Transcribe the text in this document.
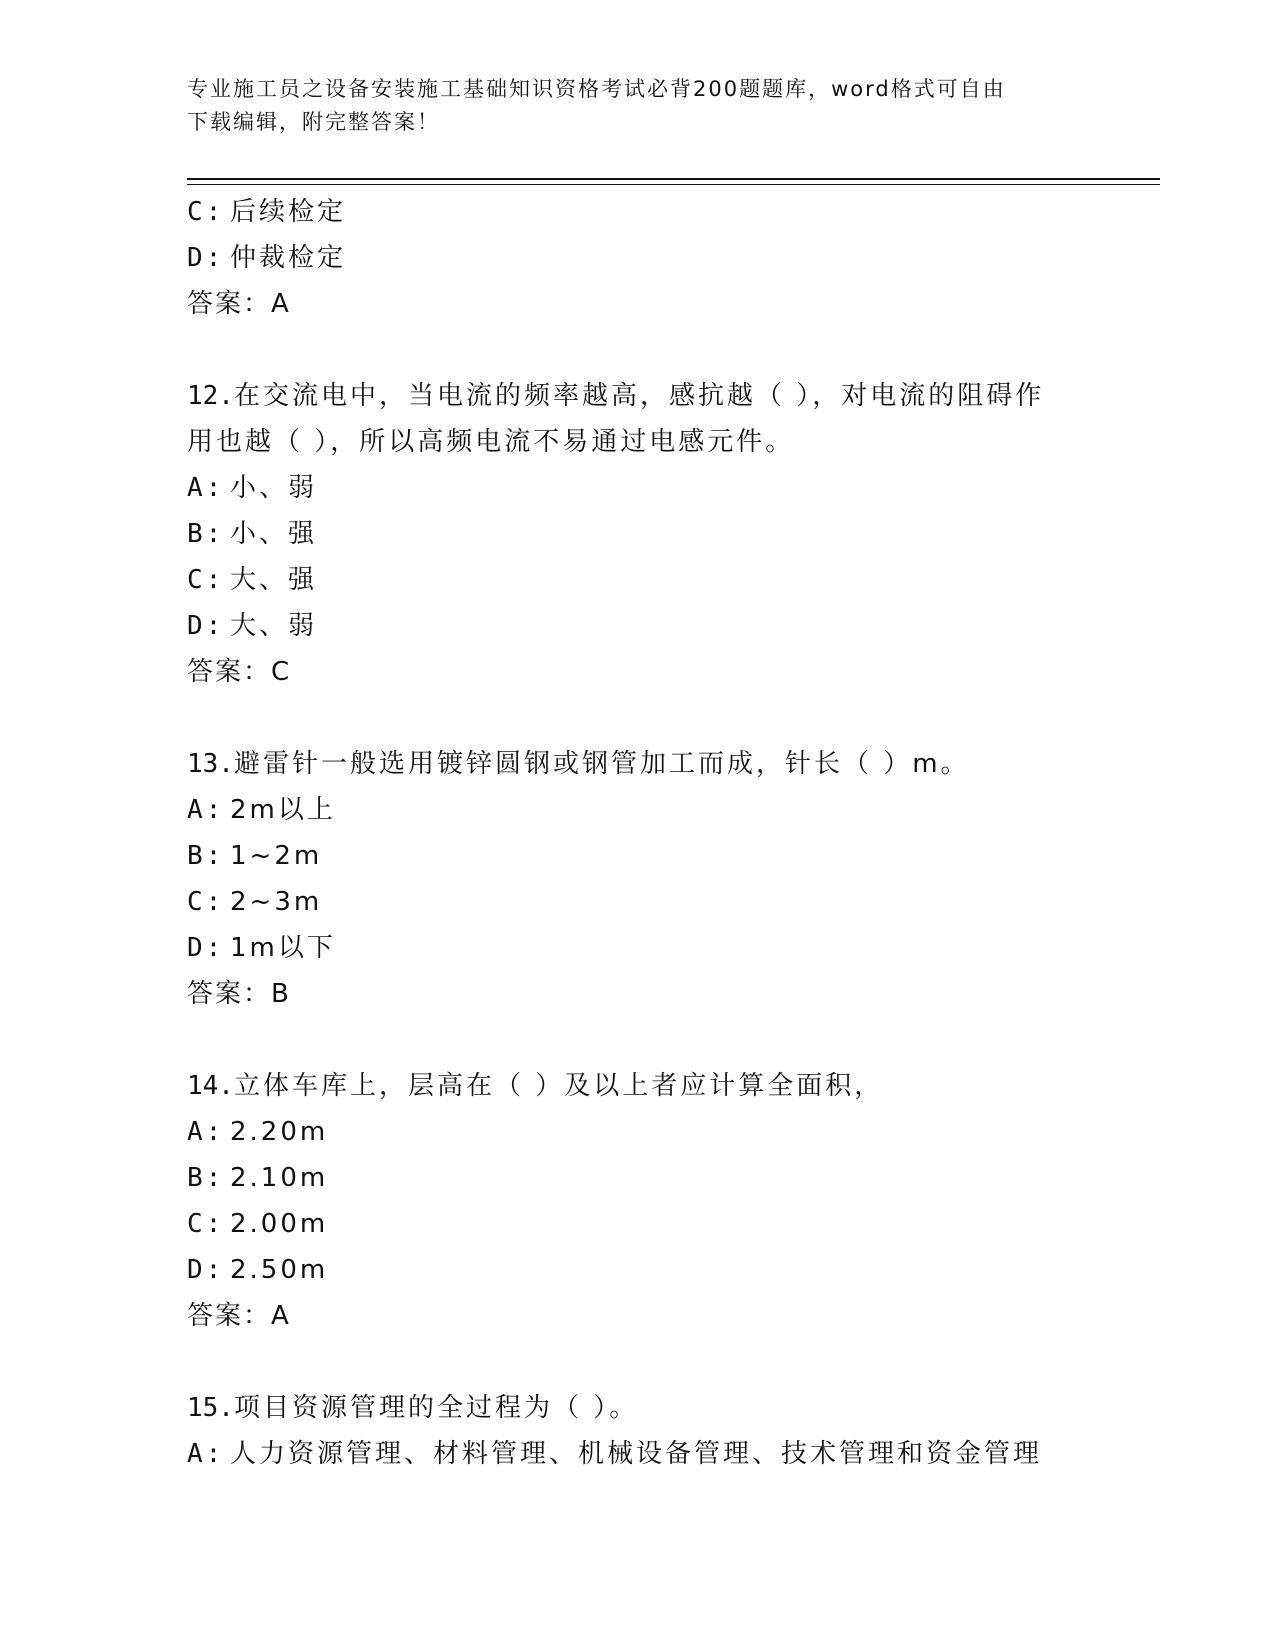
专业施工员之设备安装施工基础知识资格考试必背200题题库，word格式可自由
下载编辑，附完整答案！
C: 后续检定
D: 仲裁检定
答案：A
12.在交流电中，当电流的频率越高，感抗越（ ），对电流的阻碍作
用也越（ ），所以高频电流不易通过电感元件。
A: 小、弱
B: 小、强
C: 大、强
D: 大、弱
答案：C
13.避雷针一般选用镀锌圆钢或钢管加工而成，针长（ ）m。
A: 2m以上
B: 1~2m
C: 2~3m
D: 1m以下
答案：B
14.立体车库上，层高在（ ）及以上者应计算全面积，
A: 2.20m
B: 2.10m
C: 2.00m
D: 2.50m
答案：A
15.项目资源管理的全过程为（ ）。
A: 人力资源管理、材料管理、机械设备管理、技术管理和资金管理
